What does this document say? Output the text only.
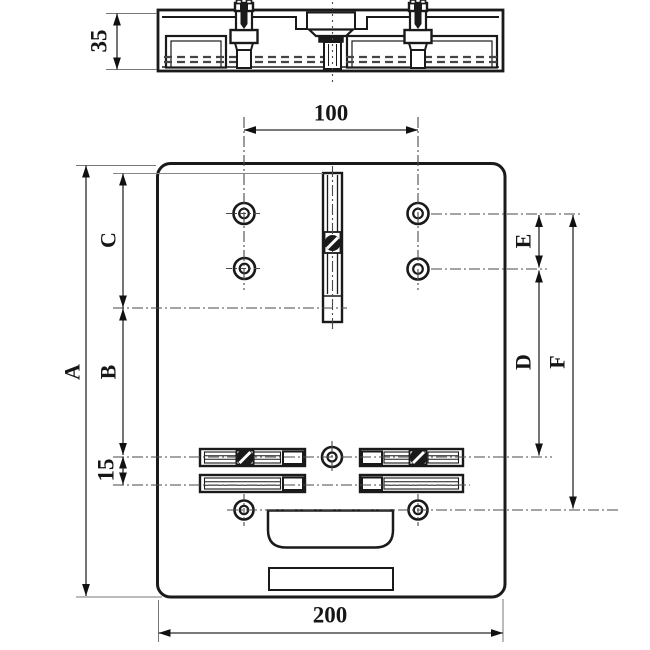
35
100
200
A
C
B
15
E
D F
